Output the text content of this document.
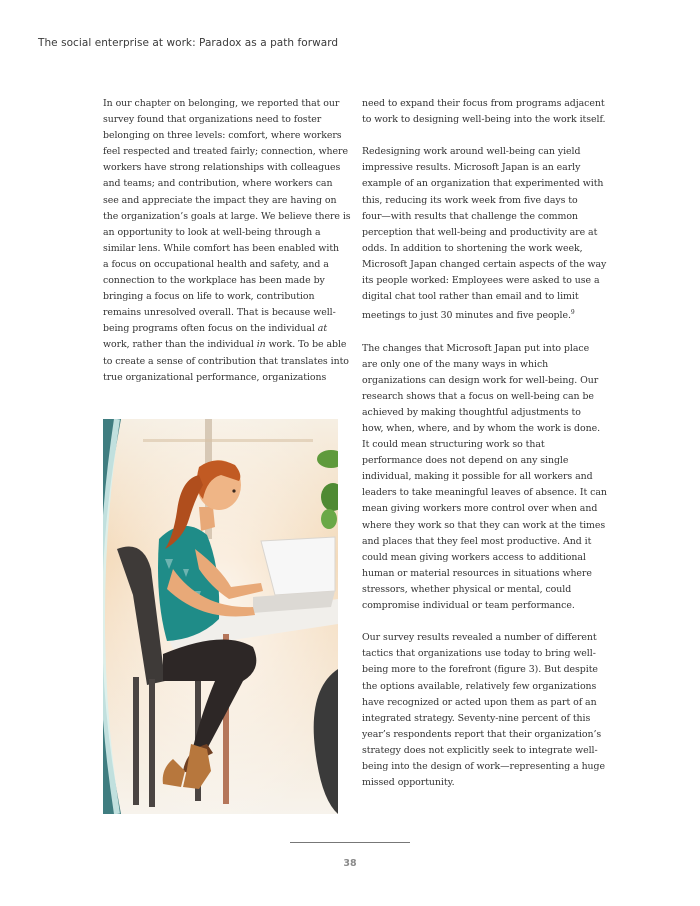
The social enterprise at work: Paradox as a path forward

In our chapter on belonging, we reported that our
survey found that organizations need to foster
belonging on three levels: comfort, where workers
feel respected and treated fairly; connection, where
workers have strong relationships with colleagues
and teams; and contribution, where workers can
see and appreciate the impact they are having on
the organization’s goals at large. We believe there is
an opportunity to look at well-being through a
similar lens. While comfort has been enabled with
a focus on occupational health and safety, and a
connection to the workplace has been made by
bringing a focus on life to work, contribution
remains unresolved overall. That is because well-
being programs often focus on the individual at
work, rather than the individual in work. To be able
to create a sense of contribution that translates into
true organizational performance, organizations

need to expand their focus from programs adjacent
to work to designing well-being into the work itself.

Redesigning work around well-being can yield
impressive results. Microsoft Japan is an early
example of an organization that experimented with
this, reducing its work week from five days to
four—with results that challenge the common
perception that well-being and productivity are at
odds. In addition to shortening the work week,
Microsoft Japan changed certain aspects of the way
its people worked: Employees were asked to use a
digital chat tool rather than email and to limit
meetings to just 30 minutes and five people.$^9$

The changes that Microsoft Japan put into place
are only one of the many ways in which
organizations can design work for well-being. Our
research shows that a focus on well-being can be
achieved by making thoughtful adjustments to
how, when, where, and by whom the work is done.
It could mean structuring work so that
performance does not depend on any single
individual, making it possible for all workers and
leaders to take meaningful leaves of absence. It can
mean giving workers more control over when and
where they work so that they can work at the times
and places that they feel most productive. And it
could mean giving workers access to additional
human or material resources in situations where
stressors, whether physical or mental, could
compromise individual or team performance.

Our survey results revealed a number of different
tactics that organizations use today to bring well-
being more to the forefront (figure 3). But despite
the options available, relatively few organizations
have recognized or acted upon them as part of an
integrated strategy. Seventy-nine percent of this
year’s respondents report that their organization’s
strategy does not explicitly seek to integrate well-
being into the design of work—representing a huge
missed opportunity.

38
